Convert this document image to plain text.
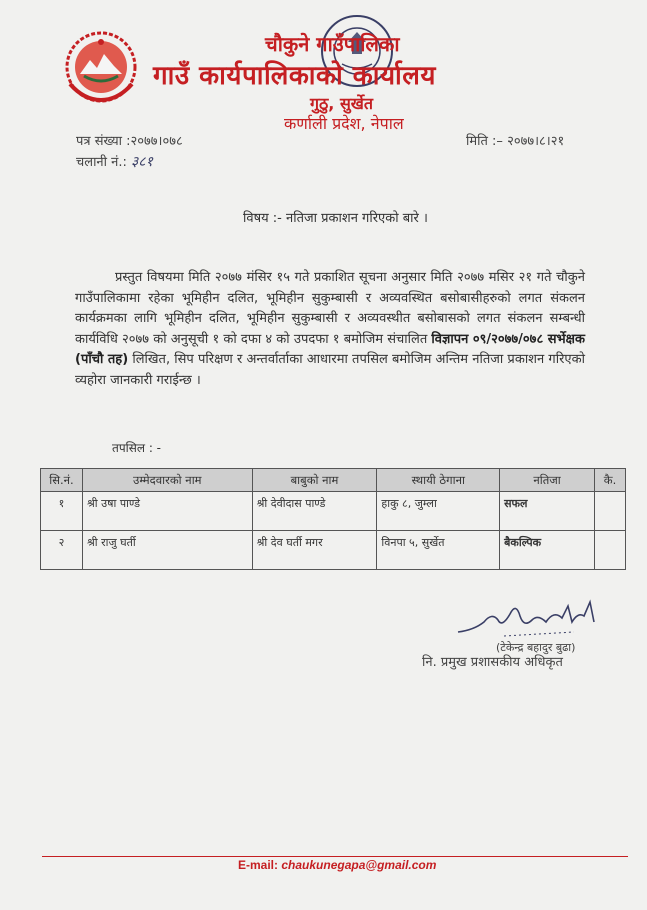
चौकुने गाउँपालिका
गाउँ कार्यपालिकाको कार्यालय
गुठु, सुर्खेत
कर्णाली प्रदेश, नेपाल
पत्र संख्या :२०७७।०७८	मिति :– २०७७।८।२१
चलानी नं.: ३८१
विषय :- नतिजा प्रकाशन गरिएको बारे ।
प्रस्तुत विषयमा मिति २०७७ मंसिर १५ गते प्रकाशित सूचना अनुसार मिति २०७७ मसिर २१ गते चौकुने गाउँपालिकामा रहेका भूमिहीन दलित, भूमिहीन सुकुम्बासी र अव्यवस्थित बसोबासीहरुको लगत संकलन कार्यक्रमका लागि भूमिहीन दलित, भूमिहीन सुकुम्बासी र अव्यवस्थीत बसोबासको लगत संकलन सम्बन्धी कार्यविधि २०७७ को अनुसूची १ को दफा ४ को उपदफा १ बमोजिम संचालित विज्ञापन ०९/२०७७/०७८ सर्भेक्षक (पाँचौ तह) लिखित, सिप परिक्षण र अन्तर्वार्ताका आधारमा तपसिल बमोजिम अन्तिम नतिजा प्रकाशन गरिएको व्यहोरा जानकारी गराईन्छ ।
तपसिल : -
सि.नं.	उम्मेदवारको नाम	बाबुको नाम	स्थायी ठेगाना	नतिजा	कै.
१	श्री उषा पाण्डे	श्री देवीदास पाण्डे	हाकु ८, जुम्ला	सफल	
२	श्री राजु घर्ती	श्री देव घर्ती मगर	विनपा ५, सुर्खेत	बैकल्पिक	
(टेकेन्द्र बहादुर बुढा)
नि. प्रमुख प्रशासकीय अधिकृत
E-mail: chaukunegapa@gmail.com
